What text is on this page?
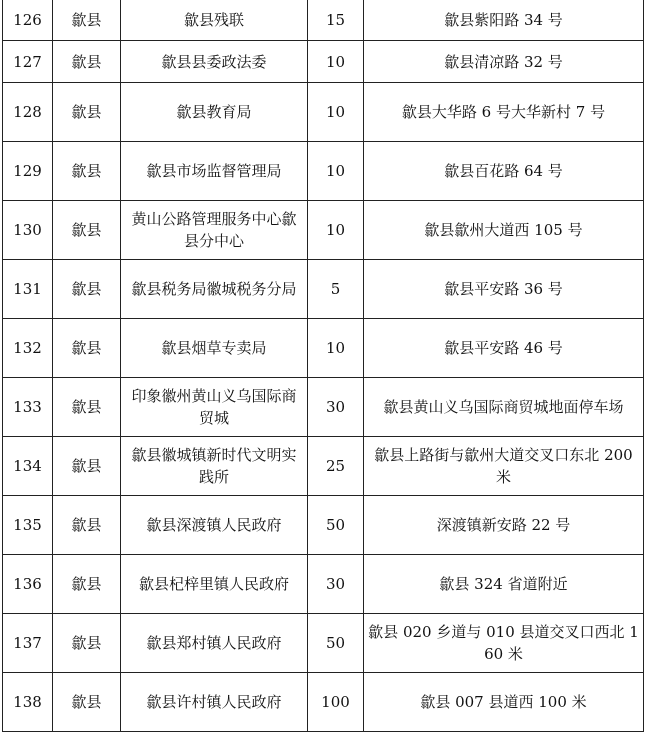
126	歙县	歙县残联	15	歙县紫阳路 34 号
127	歙县	歙县县委政法委	10	歙县清凉路 32 号
128	歙县	歙县教育局	10	歙县大华路 6 号大华新村 7 号
129	歙县	歙县市场监督管理局	10	歙县百花路 64 号
130	歙县	黄山公路管理服务中心歙县分中心	10	歙县歙州大道西 105 号
131	歙县	歙县税务局徽城税务分局	5	歙县平安路 36 号
132	歙县	歙县烟草专卖局	10	歙县平安路 46 号
133	歙县	印象徽州黄山义乌国际商贸城	30	歙县黄山义乌国际商贸城地面停车场
134	歙县	歙县徽城镇新时代文明实践所	25	歙县上路街与歙州大道交叉口东北 200 米
135	歙县	歙县深渡镇人民政府	50	深渡镇新安路 22 号
136	歙县	歙县杞梓里镇人民政府	30	歙县 324 省道附近
137	歙县	歙县郑村镇人民政府	50	歙县 020 乡道与 010 县道交叉口西北 160 米
138	歙县	歙县许村镇人民政府	100	歙县 007 县道西 100 米
